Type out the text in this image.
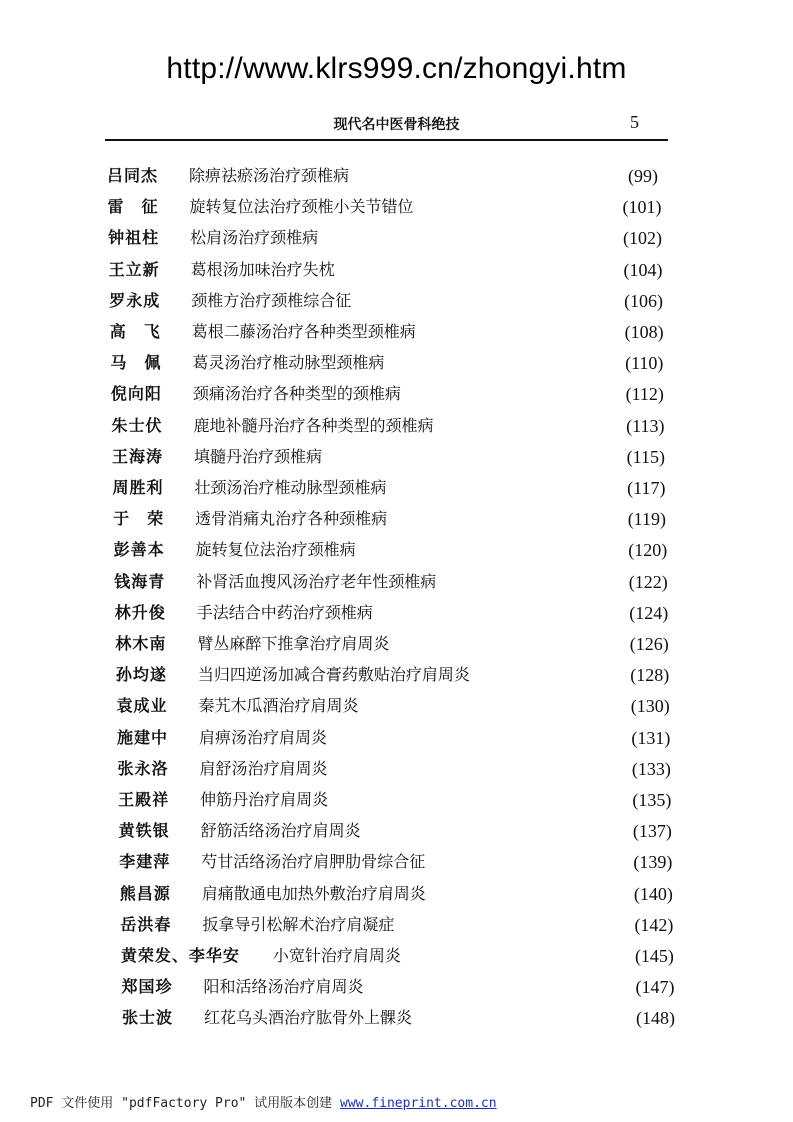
http://www.klrs999.cn/zhongyi.htm
现代名中医骨科绝技	5
吕同杰 除痹祛瘀汤治疗颈椎病	(99)
雷　征 旋转复位法治疗颈椎小关节错位	(101)
钟祖柱 松肩汤治疗颈椎病	(102)
王立新 葛根汤加味治疗失枕	(104)
罗永成 颈椎方治疗颈椎综合征	(106)
高　飞 葛根二藤汤治疗各种类型颈椎病	(108)
马　佩 葛灵汤治疗椎动脉型颈椎病	(110)
倪向阳 颈痛汤治疗各种类型的颈椎病	(112)
朱士伏 鹿地补髓丹治疗各种类型的颈椎病	(113)
王海涛 填髓丹治疗颈椎病	(115)
周胜利 壮颈汤治疗椎动脉型颈椎病	(117)
于　荣 透骨消痛丸治疗各种颈椎病	(119)
彭善本 旋转复位法治疗颈椎病	(120)
钱海青 补肾活血搜风汤治疗老年性颈椎病	(122)
林升俊 手法结合中药治疗颈椎病	(124)
林木南 臂丛麻醉下推拿治疗肩周炎	(126)
孙均遂 当归四逆汤加减合膏药敷贴治疗肩周炎	(128)
袁成业 秦艽木瓜酒治疗肩周炎	(130)
施建中 肩痹汤治疗肩周炎	(131)
张永洛 肩舒汤治疗肩周炎	(133)
王殿祥 伸筋丹治疗肩周炎	(135)
黄铁银 舒筋活络汤治疗肩周炎	(137)
李建萍 芍甘活络汤治疗肩胛肋骨综合征	(139)
熊昌源 肩痛散通电加热外敷治疗肩周炎	(140)
岳洪春 扳拿导引松解术治疗肩凝症	(142)
黄荣发、李华安 小宽针治疗肩周炎	(145)
郑国珍 阳和活络汤治疗肩周炎	(147)
张士波 红花乌头酒治疗肱骨外上髁炎	(148)
PDF 文件使用 "pdfFactory Pro" 试用版本创建 www.fineprint.com.cn
